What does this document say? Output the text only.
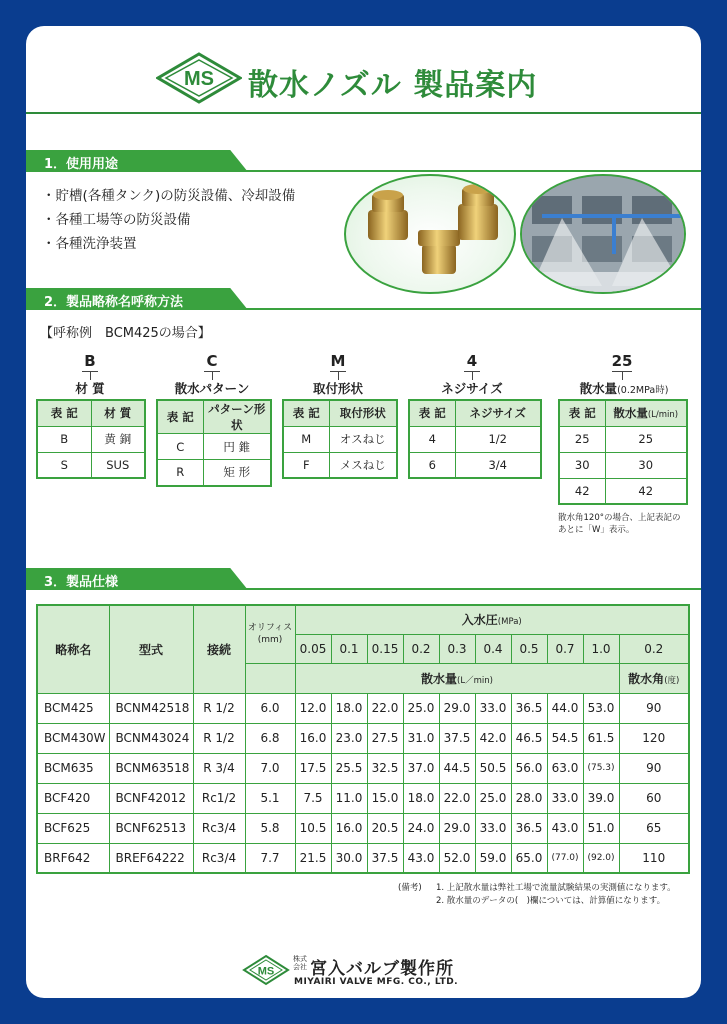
MS 散水ノズル 製品案内
1．使用用途
・ 貯槽(各種タンク)の防災設備、冷却設備
・ 各種工場等の防災設備
・ 各種洗浄装置
2．製品略称名呼称方法
【呼称例　BCM425の場合】
B
材 質
C
散水パターン
M
取付形状
4
ネジサイズ
25
散水量(0.2MPa時)
表 記	材 質
B	黄 銅
S	SUS
表 記	パターン形状
C	円 錐
R	矩 形
表 記	取付形状
M	オスねじ
F	メスねじ
表 記	ネジサイズ
4	1/2
6	3/4
表 記	散水量(L/min)
25	25
30	30
42	42
散水角120°の場合、上記表記の
あとに「W」表示。
3．製品仕様
略称名	型式	接続	オリフィス
(mm)	入水圧(MPa)									
				0.05	0.1	0.15	0.2	0.3	0.4	0.5	0.7	1.0	0.2
				散水量(L／min)									散水角(度)
BCM425	BCNM42518	R 1/2	6.0	12.0	18.0	22.0	25.0	29.0	33.0	36.5	44.0	53.0	90
BCM430W	BCNM43024	R 1/2	6.8	16.0	23.0	27.5	31.0	37.5	42.0	46.5	54.5	61.5	120
BCM635	BCNM63518	R 3/4	7.0	17.5	25.5	32.5	37.0	44.5	50.5	56.0	63.0	(75.3)	90
BCF420	BCNF42012	Rc1/2	5.1	7.5	11.0	15.0	18.0	22.0	25.0	28.0	33.0	39.0	60
BCF625	BCNF62513	Rc3/4	5.8	10.5	16.0	20.5	24.0	29.0	33.0	36.5	43.0	51.0	65
BRF642	BREF64222	Rc3/4	7.7	21.5	30.0	37.5	43.0	52.0	59.0	65.0	(77.0)	(92.0)	110
(備考) 1. 上記散水量は弊社工場で流量試験結果の実測値になります。
2. 散水量のデータの(　)欄については、計算値になります。
MS
株式会社 宮入バルブ製作所
MIYAIRI VALVE MFG. CO., LTD.
